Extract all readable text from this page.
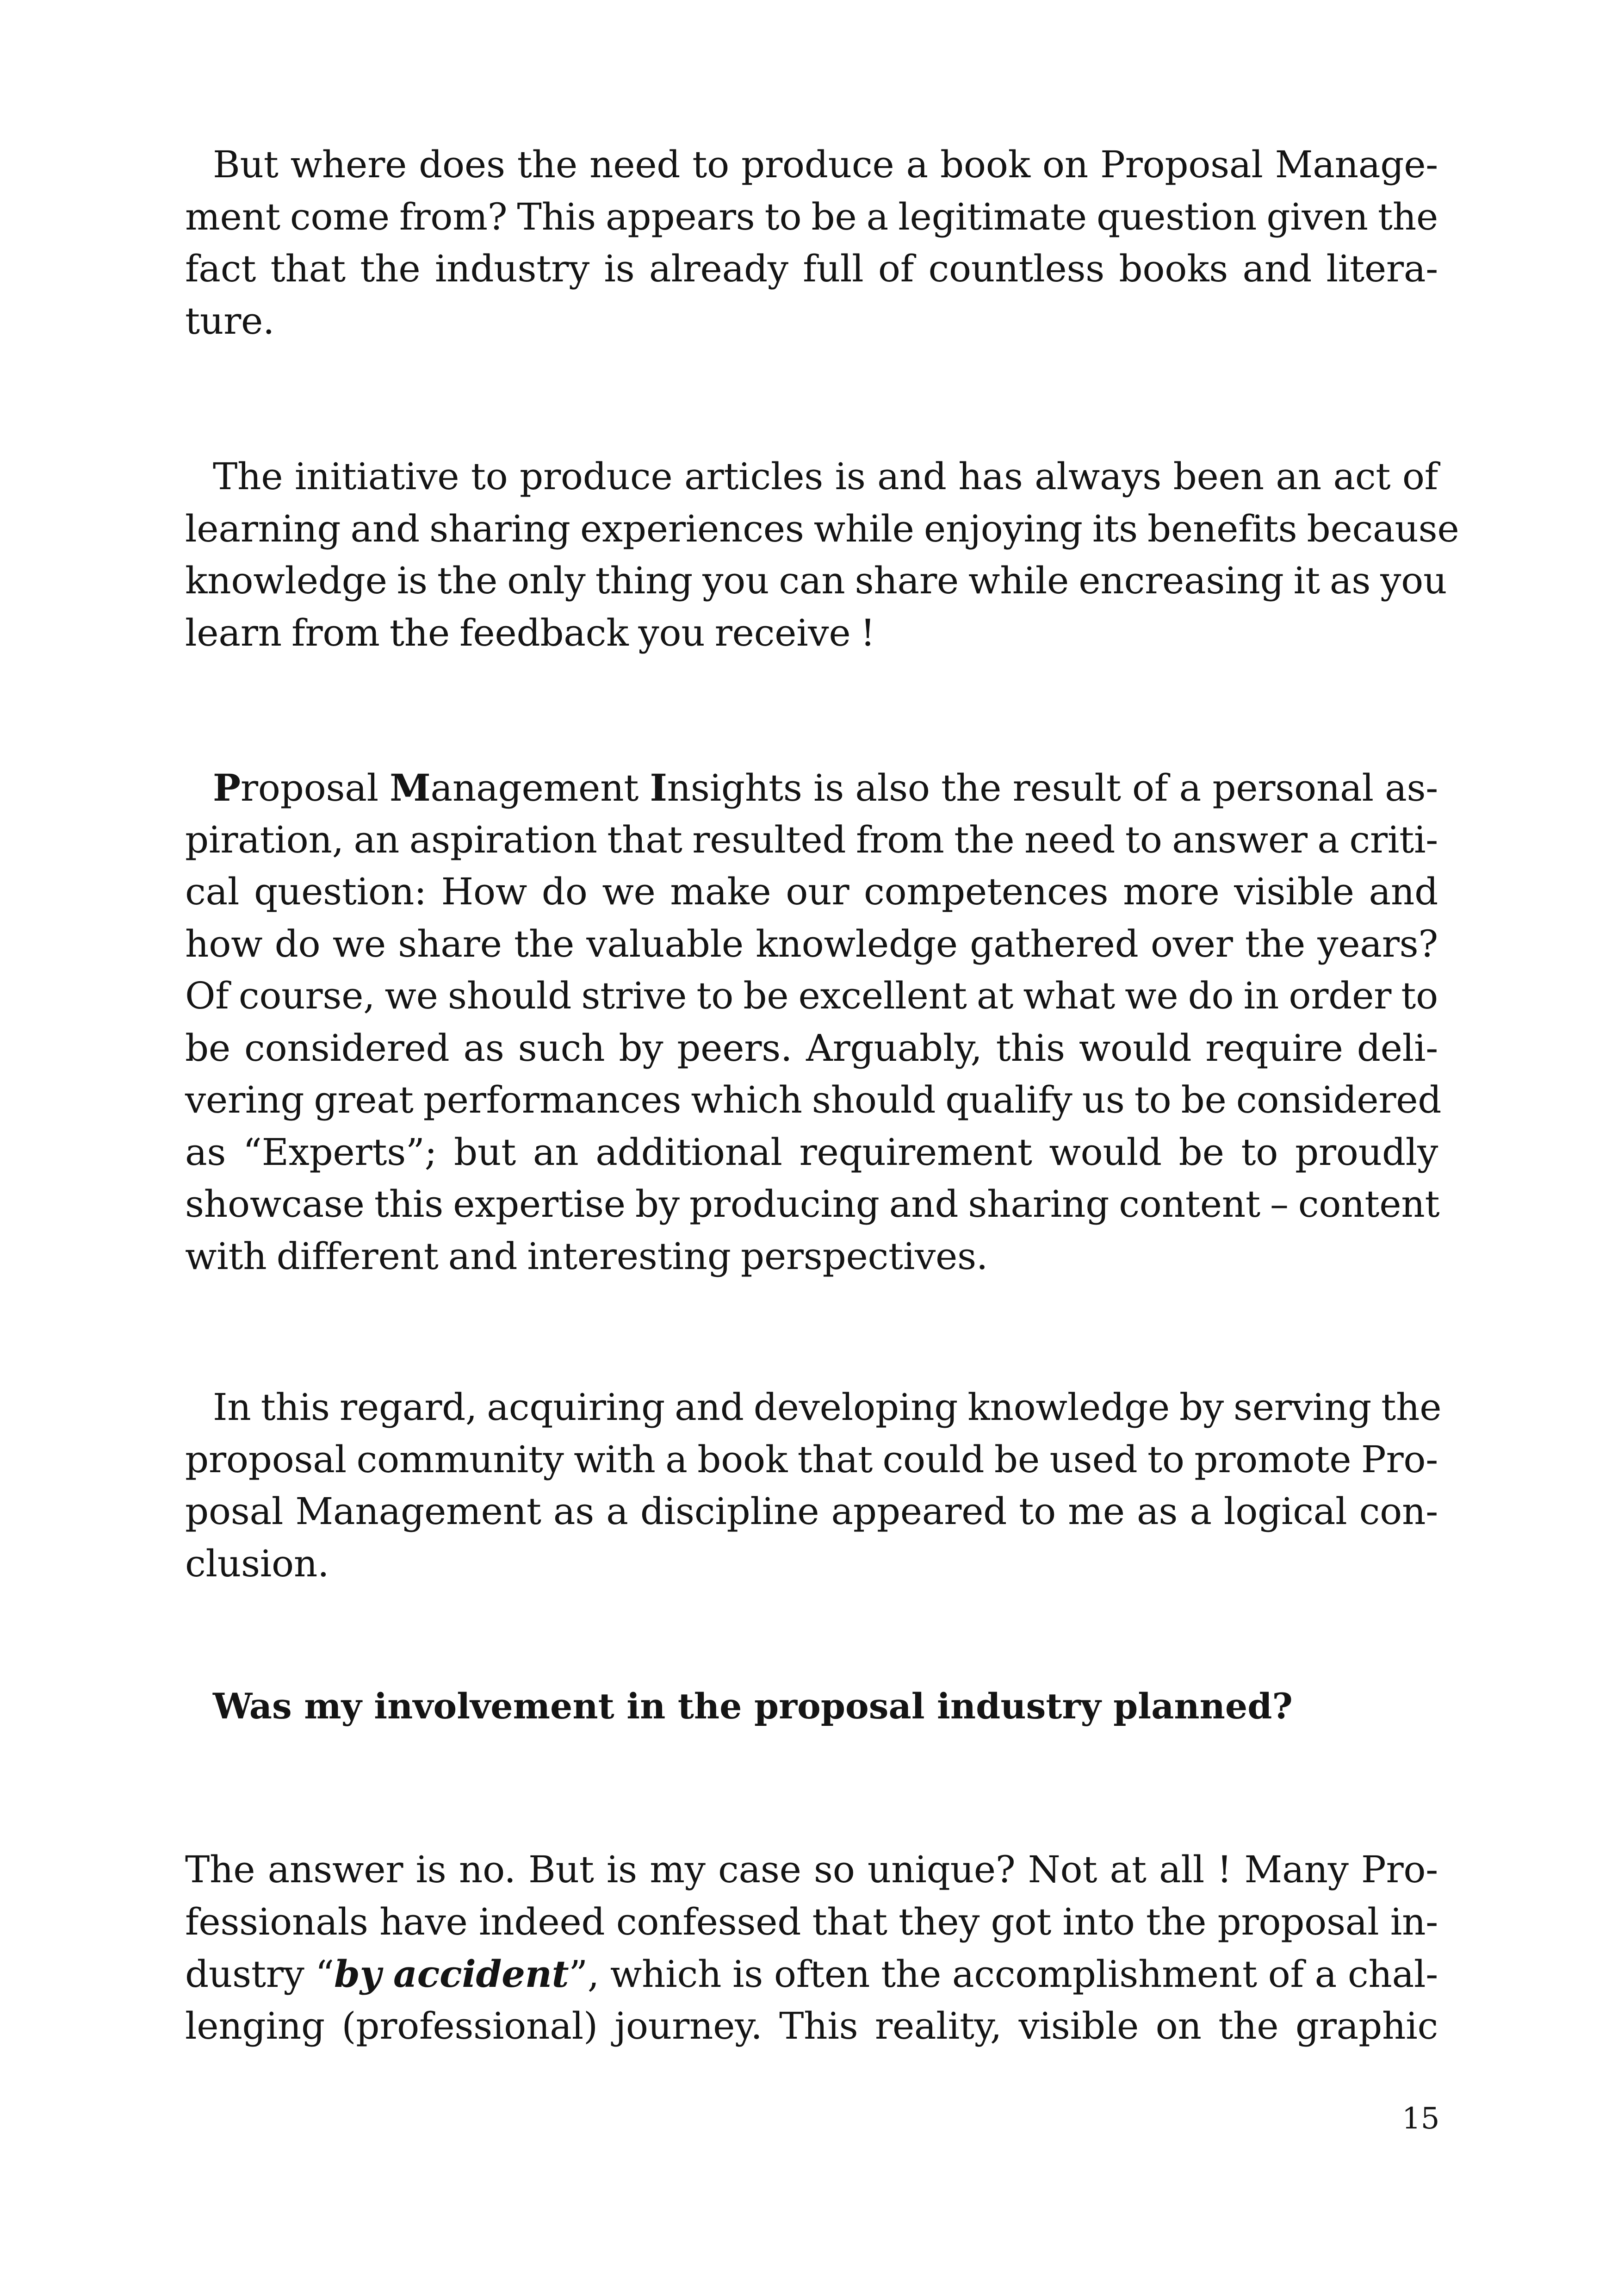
But where does the need to produce a book on Proposal Manage-
ment come from? This appears to be a legitimate question given the
fact that the industry is already full of countless books and litera-
ture.
The initiative to produce articles is and has always been an act of
learning and sharing experiences while enjoying its benefits because
knowledge is the only thing you can share while encreasing it as you
learn from the feedback you receive !
Proposal Management Insights is also the result of a personal as-
piration, an aspiration that resulted from the need to answer a criti-
cal question: How do we make our competences more visible and
how do we share the valuable knowledge gathered over the years?
Of course, we should strive to be excellent at what we do in order to
be considered as such by peers. Arguably, this would require deli-
vering great performances which should qualify us to be considered
as “Experts”; but an additional requirement would be to proudly
showcase this expertise by producing and sharing content – content
with different and interesting perspectives.
In this regard, acquiring and developing knowledge by serving the
proposal community with a book that could be used to promote Pro-
posal Management as a discipline appeared to me as a logical con-
clusion.
Was my involvement in the proposal industry planned?
The answer is no. But is my case so unique? Not at all ! Many Pro-
fessionals have indeed confessed that they got into the proposal in-
dustry “by accident”, which is often the accomplishment of a chal-
lenging (professional) journey. This reality, visible on the graphic
15
